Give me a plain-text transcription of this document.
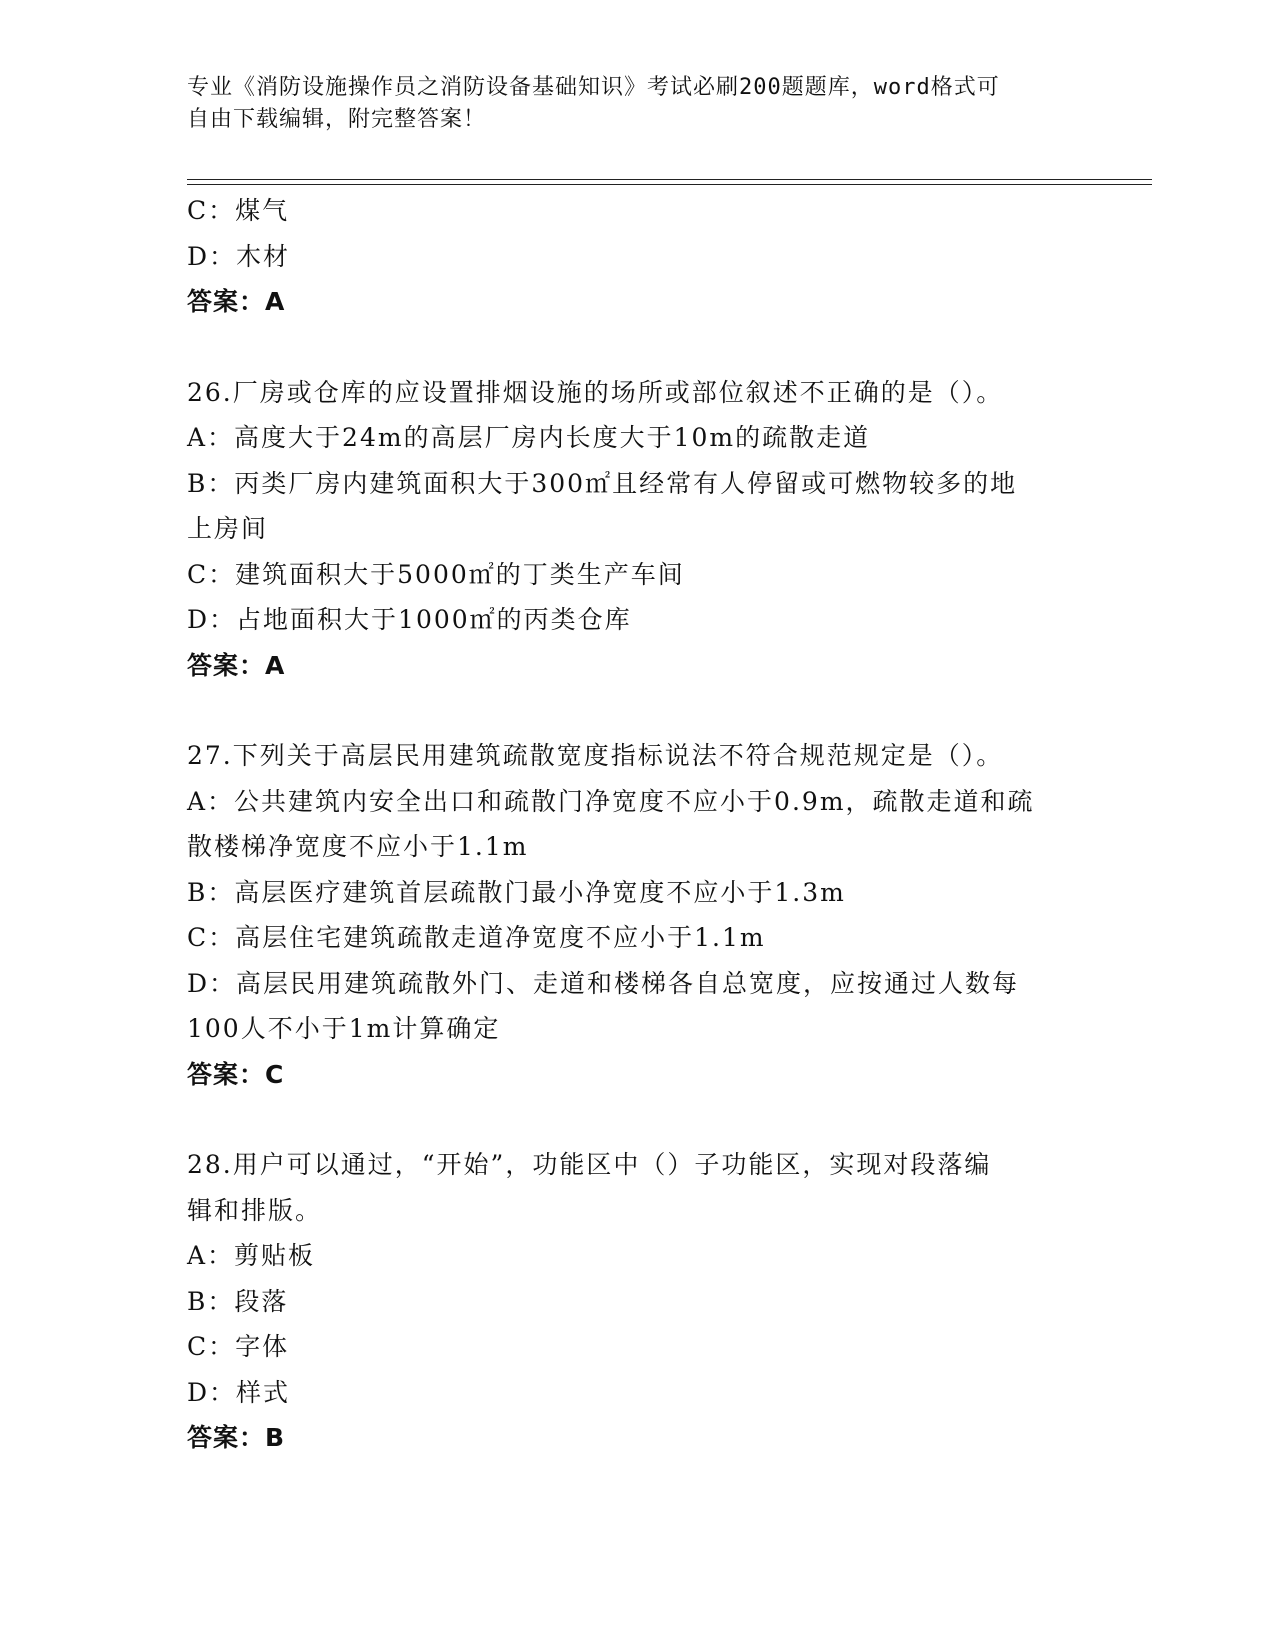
专业《消防设施操作员之消防设备基础知识》考试必刷200题题库，word格式可
自由下载编辑，附完整答案！
C：煤气
D：木材
答案：A
26.厂房或仓库的应设置排烟设施的场所或部位叙述不正确的是（）。
A：高度大于24m的高层厂房内长度大于10m的疏散走道
B：丙类厂房内建筑面积大于300㎡且经常有人停留或可燃物较多的地
上房间
C：建筑面积大于5000㎡的丁类生产车间
D：占地面积大于1000㎡的丙类仓库
答案：A
27.下列关于高层民用建筑疏散宽度指标说法不符合规范规定是（）。
A：公共建筑内安全出口和疏散门净宽度不应小于0.9m，疏散走道和疏
散楼梯净宽度不应小于1.1m
B：高层医疗建筑首层疏散门最小净宽度不应小于1.3m
C：高层住宅建筑疏散走道净宽度不应小于1.1m
D：高层民用建筑疏散外门、走道和楼梯各自总宽度，应按通过人数每
100人不小于1m计算确定
答案：C
28.用户可以通过，“开始”，功能区中（）子功能区，实现对段落编
辑和排版。
A：剪贴板
B：段落
C：字体
D：样式
答案：B
